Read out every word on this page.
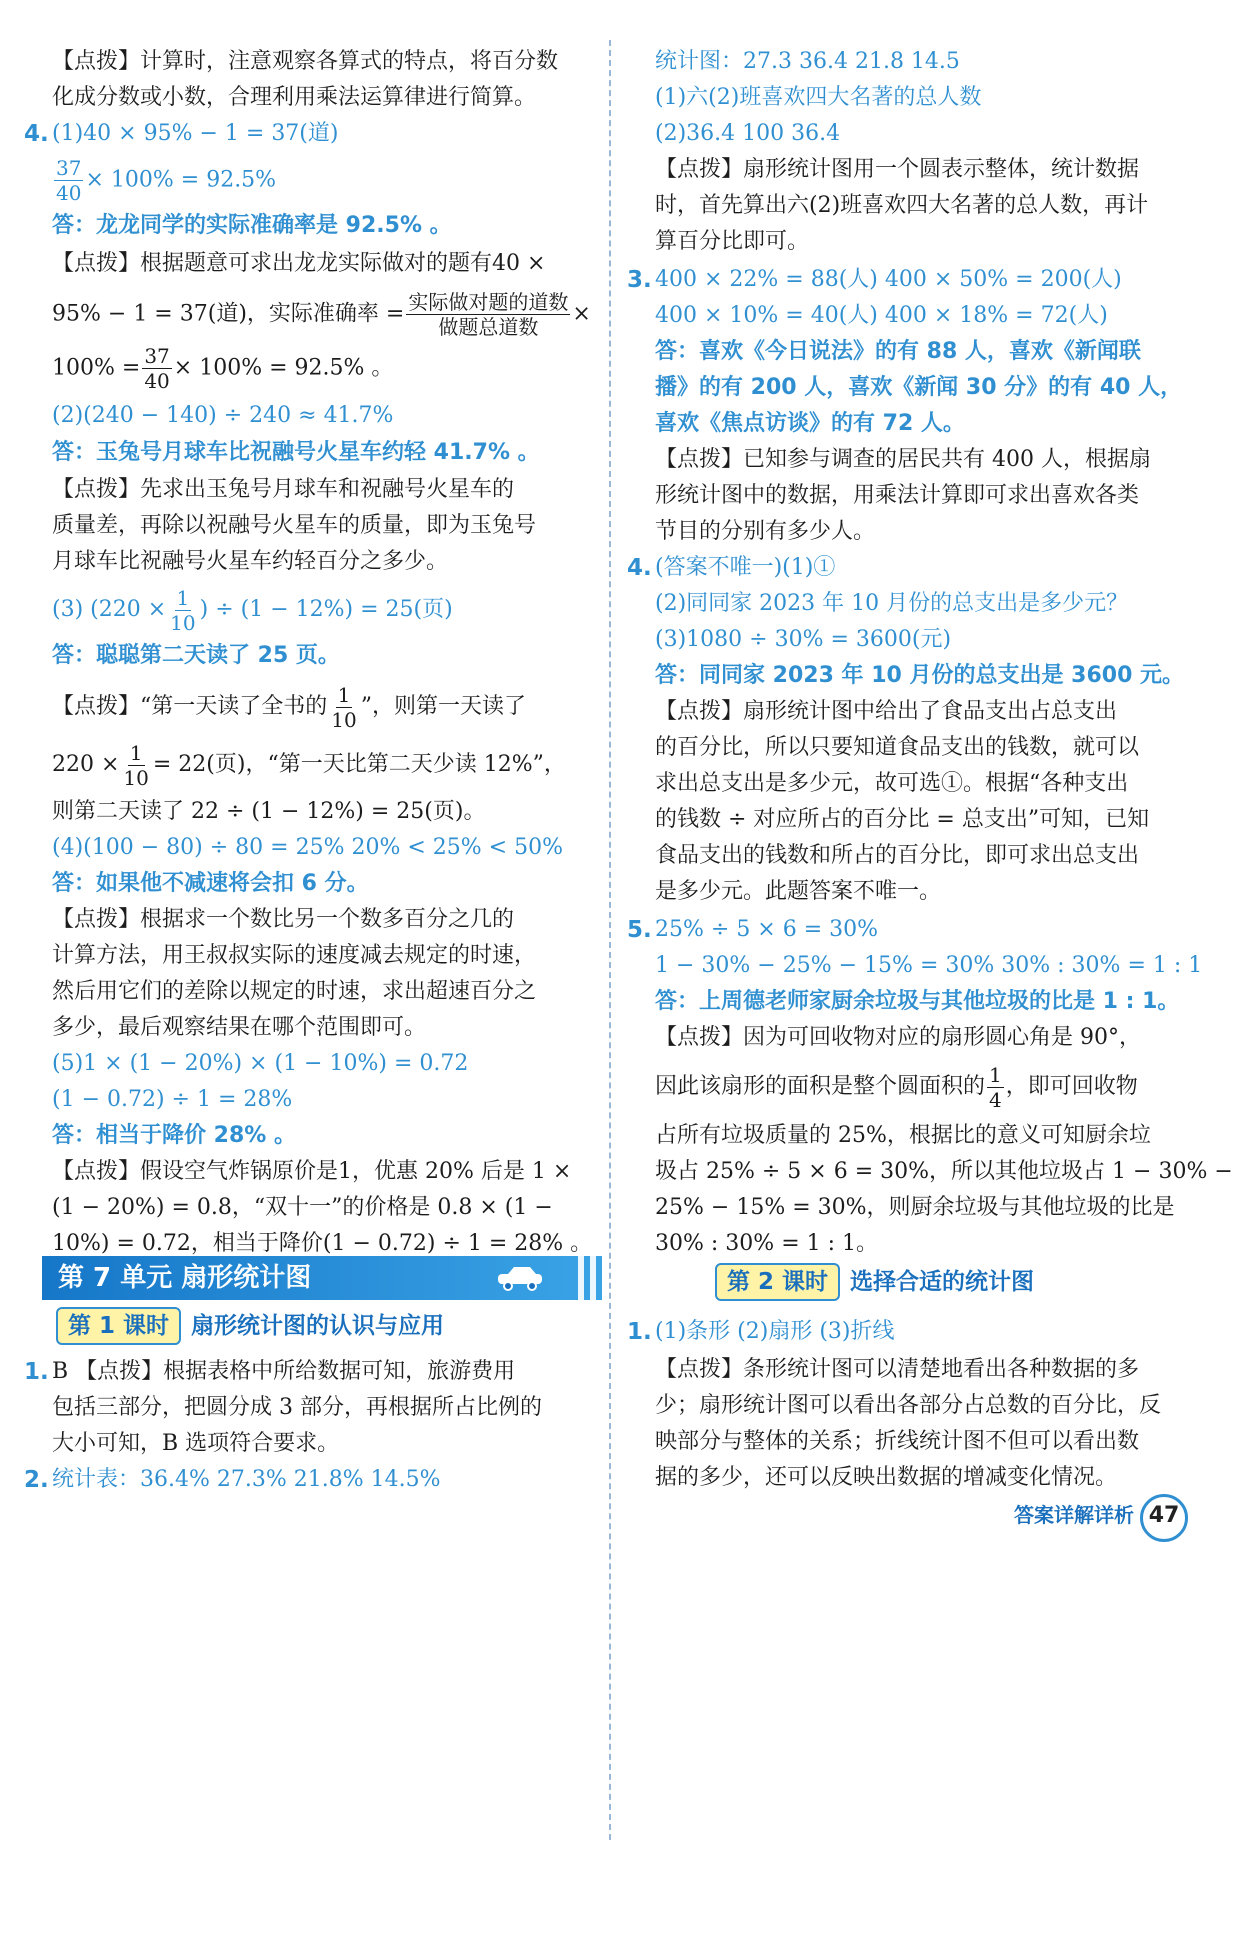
【点拨】计算时，注意观察各算式的特点，将百分数
化成分数或小数，合理利用乘法运算律进行简算。
4. (1)40 × 95% − 1 = 37(道)
$\frac{37}{40} \times 100\% = 92.5\%$
答：龙龙同学的实际准确率是 92.5% 。
【点拨】根据题意可求出龙龙实际做对的题有40 ×
95% − 1 = 37(道)，实际准确率 = $\frac{\text{实际做对题的道数}}{\text{做题总道数}}$ ×
$100\% = \frac{37}{40} \times 100\% = 92.5\%$ 。
(2)(240 − 140) ÷ 240 ≈ 41.7%
答：玉兔号月球车比祝融号火星车约轻 41.7% 。
【点拨】先求出玉兔号月球车和祝融号火星车的
质量差，再除以祝融号火星车的质量，即为玉兔号
月球车比祝融号火星车约轻百分之多少。
(3) ($220 \times \frac{1}{10}$ ) ÷ (1 − 12%) = 25(页)
答：聪聪第二天读了 25 页。
【点拨】“第一天读了全书的 $\frac{1}{10}$ ”，则第一天读了
$220 \times \frac{1}{10} = 22$(页)，“第一天比第二天少读 12%”，
则第二天读了 22 ÷ (1 − 12%) = 25(页)。
(4)(100 − 80) ÷ 80 = 25% 20% < 25% < 50%
答：如果他不减速将会扣 6 分。
【点拨】根据求一个数比另一个数多百分之几的
计算方法，用王叔叔实际的速度减去规定的时速，
然后用它们的差除以规定的时速，求出超速百分之
多少，最后观察结果在哪个范围即可。
(5)1 × (1 − 20%) × (1 − 10%) = 0.72
(1 − 0.72) ÷ 1 = 28%
答：相当于降价 28% 。
【点拨】假设空气炸锅原价是1，优惠 20% 后是 1 ×
(1 − 20%) = 0.8，“双十一”的价格是 0.8 × (1 −
10%) = 0.72，相当于降价(1 − 0.72) ÷ 1 = 28% 。
第 7 单元 扇形统计图
第 1 课时 扇形统计图的认识与应用
1. B 【点拨】根据表格中所给数据可知，旅游费用
包括三部分，把圆分成 3 部分，再根据所占比例的
大小可知，B 选项符合要求。
2. 统计表：36.4% 27.3% 21.8% 14.5%
统计图：27.3 36.4 21.8 14.5
(1)六(2)班喜欢四大名著的总人数
(2)36.4 100 36.4
【点拨】扇形统计图用一个圆表示整体，统计数据
时，首先算出六(2)班喜欢四大名著的总人数，再计
算百分比即可。
3. 400 × 22% = 88(人) 400 × 50% = 200(人)
400 × 10% = 40(人) 400 × 18% = 72(人)
答：喜欢《今日说法》的有 88 人，喜欢《新闻联
播》的有 200 人，喜欢《新闻 30 分》的有 40 人，
喜欢《焦点访谈》的有 72 人。
【点拨】已知参与调查的居民共有 400 人，根据扇
形统计图中的数据，用乘法计算即可求出喜欢各类
节目的分别有多少人。
4. (答案不唯一)(1)①
(2)同同家 2023 年 10 月份的总支出是多少元？
(3)1080 ÷ 30% = 3600(元)
答：同同家 2023 年 10 月份的总支出是 3600 元。
【点拨】扇形统计图中给出了食品支出占总支出
的百分比，所以只要知道食品支出的钱数，就可以
求出总支出是多少元，故可选①。根据“各种支出
的钱数 ÷ 对应所占的百分比 = 总支出”可知，已知
食品支出的钱数和所占的百分比，即可求出总支出
是多少元。此题答案不唯一。
5. 25% ÷ 5 × 6 = 30%
1 − 30% − 25% − 15% = 30% 30% : 30% = 1 : 1
答：上周德老师家厨余垃圾与其他垃圾的比是 1 : 1。
【点拨】因为可回收物对应的扇形圆心角是 90°，
因此该扇形的面积是整个圆面积的 $\frac{1}{4}$ ，即可回收物
占所有垃圾质量的 25%，根据比的意义可知厨余垃
圾占 25% ÷ 5 × 6 = 30%，所以其他垃圾占 1 − 30% −
25% − 15% = 30%，则厨余垃圾与其他垃圾的比是
30% : 30% = 1 : 1。
第 2 课时 选择合适的统计图
1. (1)条形 (2)扇形 (3)折线
【点拨】条形统计图可以清楚地看出各种数据的多
少；扇形统计图可以看出各部分占总数的百分比，反
映部分与整体的关系；折线统计图不但可以看出数
据的多少，还可以反映出数据的增减变化情况。
答案详解详析 47
